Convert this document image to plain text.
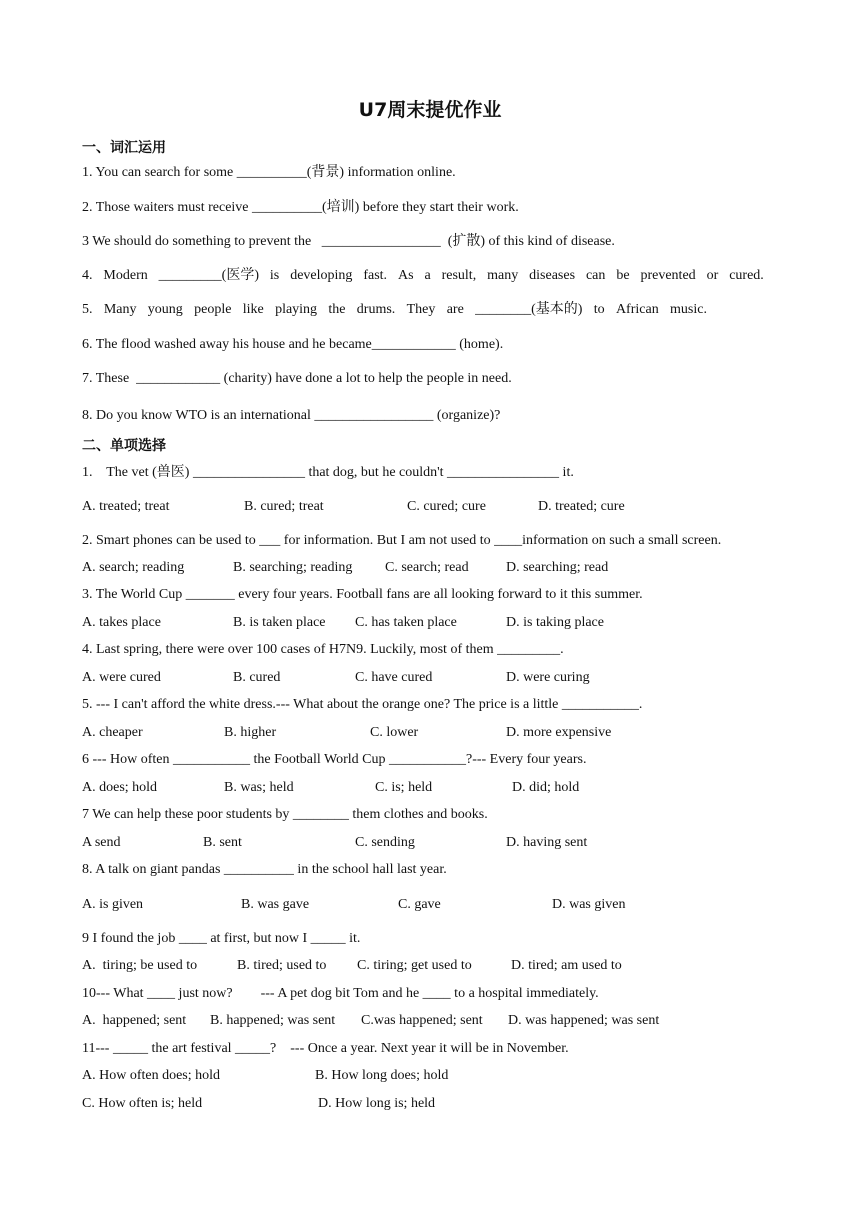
U7周末提优作业
一、词汇运用
1. You can search for some __________(背景) information online.
2. Those waiters must receive __________(培训) before they start their work.
3 We should do something to prevent the   _________________  (扩散) of this kind of disease.
4. Modern _________(医学) is developing fast. As a result, many diseases can be prevented or cured.
5. Many young people like playing the drums. They are ________(基本的) to African music.
6. The flood washed away his house and he became____________ (home).
7. These  ____________ (charity) have done a lot to help the people in need.
8. Do you know WTO is an international _________________ (organize)?
二、单项选择
1.    The vet (兽医) ________________ that dog, but he couldn't ________________ it.
A. treated; treat	B. cured; treat	C. cured; cure	D. treated; cure
2. Smart phones can be used to ___ for information. But I am not used to ____information on such a small screen.
A. search; reading	B. searching; reading C. search; read	D. searching; read
3. The World Cup _______ every four years. Football fans are all looking forward to it this summer.
A. takes place	B. is taken place C. has taken place	D. is taking place
4. Last spring, there were over 100 cases of H7N9. Luckily, most of them _________.
A. were cured	B. cured	C. have cured	D. were curing
5. --- I can't afford the white dress.--- What about the orange one? The price is a little ___________.
A. cheaper	B. higher	C. lower	D. more expensive
6 --- How often ___________ the Football World Cup ___________?--- Every four years.
A. does; hold	B. was; held	C. is; held	D. did; hold
7 We can help these poor students by ________ them clothes and books.
A send	B. sent	C. sending	D. having sent
8. A talk on giant pandas __________ in the school hall last year.
A. is given	B. was gave	C. gave	D. was given
9 I found the job ____ at first, but now I _____ it.
A.  tiring; be used to	B. tired; used to C. tiring; get used to	D. tired; am used to
10--- What ____ just now?        --- A pet dog bit Tom and he ____ to a hospital immediately.
A.  happened; sent B. happened; was sent C.was happened; sent D. was happened; was sent
11--- _____ the art festival _____?    --- Once a year. Next year it will be in November.
A. How often does; hold	B. How long does; hold
C. How often is; held	D. How long is; held
